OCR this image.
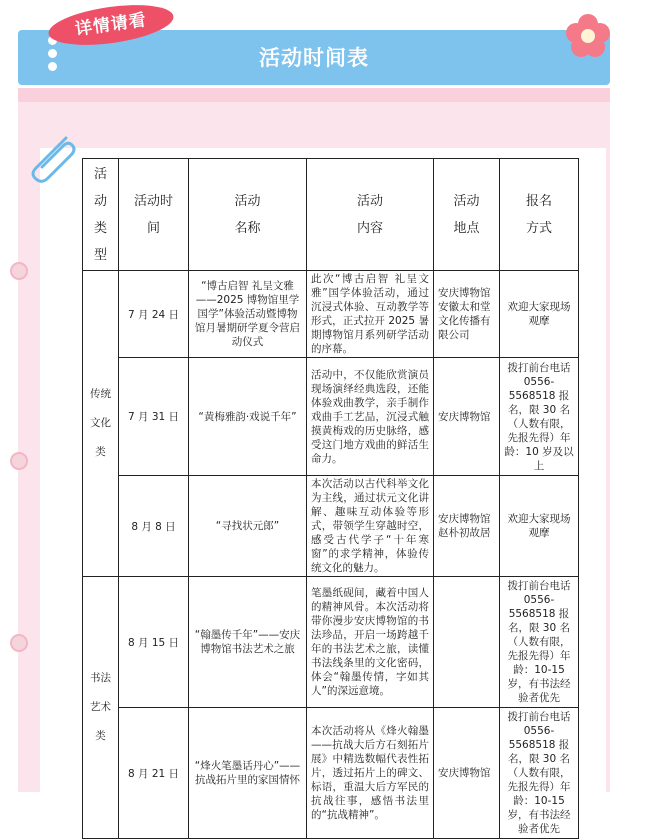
活动时间表
详情请看
活动类型	活动时间	活动名称	活动内容	活动地点	报名方式
传统文化类	7 月 24 日	“博古启智 礼呈文雅——2025 博物馆里学国学”体验活动暨博物馆月暑期研学夏令营启动仪式	此次“博古启智 礼呈文雅”国学体验活动，通过沉浸式体验、互动教学等形式，正式拉开 2025 暑期博物馆月系列研学活动的序幕。	安庆博物馆 安徽太和堂文化传播有限公司	欢迎大家现场观摩
	7 月 31 日	“黄梅雅韵·戏说千年”	活动中，不仅能欣赏演员现场演绎经典选段，还能体验戏曲教学，亲手制作戏曲手工艺品，沉浸式触摸黄梅戏的历史脉络，感受这门地方戏曲的鲜活生命力。	安庆博物馆	拨打前台电话 0556-5568518 报名，限 30 名（人数有限，先报先得）年龄：10 岁及以上
	8 月 8 日	“寻找状元郎”	本次活动以古代科举文化为主线，通过状元文化讲解、趣味互动体验等形式，带领学生穿越时空，感受古代学子“十年寒窗”的求学精神，体验传统文化的魅力。	安庆博物馆 赵朴初故居	欢迎大家现场观摩
书法艺术类	8 月 15 日	“翰墨传千年”——安庆博物馆书法艺术之旅	笔墨纸砚间，藏着中国人的精神风骨。本次活动将带你漫步安庆博物馆的书法珍品，开启一场跨越千年的书法艺术之旅，读懂书法线条里的文化密码，体会“翰墨传情，字如其人”的深远意境。		拨打前台电话 0556-5568518 报名，限 30 名（人数有限，先报先得）年龄：10-15 岁，有书法经验者优先
	8 月 21 日	“烽火笔墨话丹心”——抗战拓片里的家国情怀	本次活动将从《烽火翰墨——抗战大后方石刻拓片展》中精选数幅代表性拓片，透过拓片上的碑文、标语，重温大后方军民的抗战往事，感悟书法里的“抗战精神”。	安庆博物馆	拨打前台电话 0556-5568518 报名，限 30 名（人数有限，先报先得）年龄：10-15 岁，有书法经验者优先
